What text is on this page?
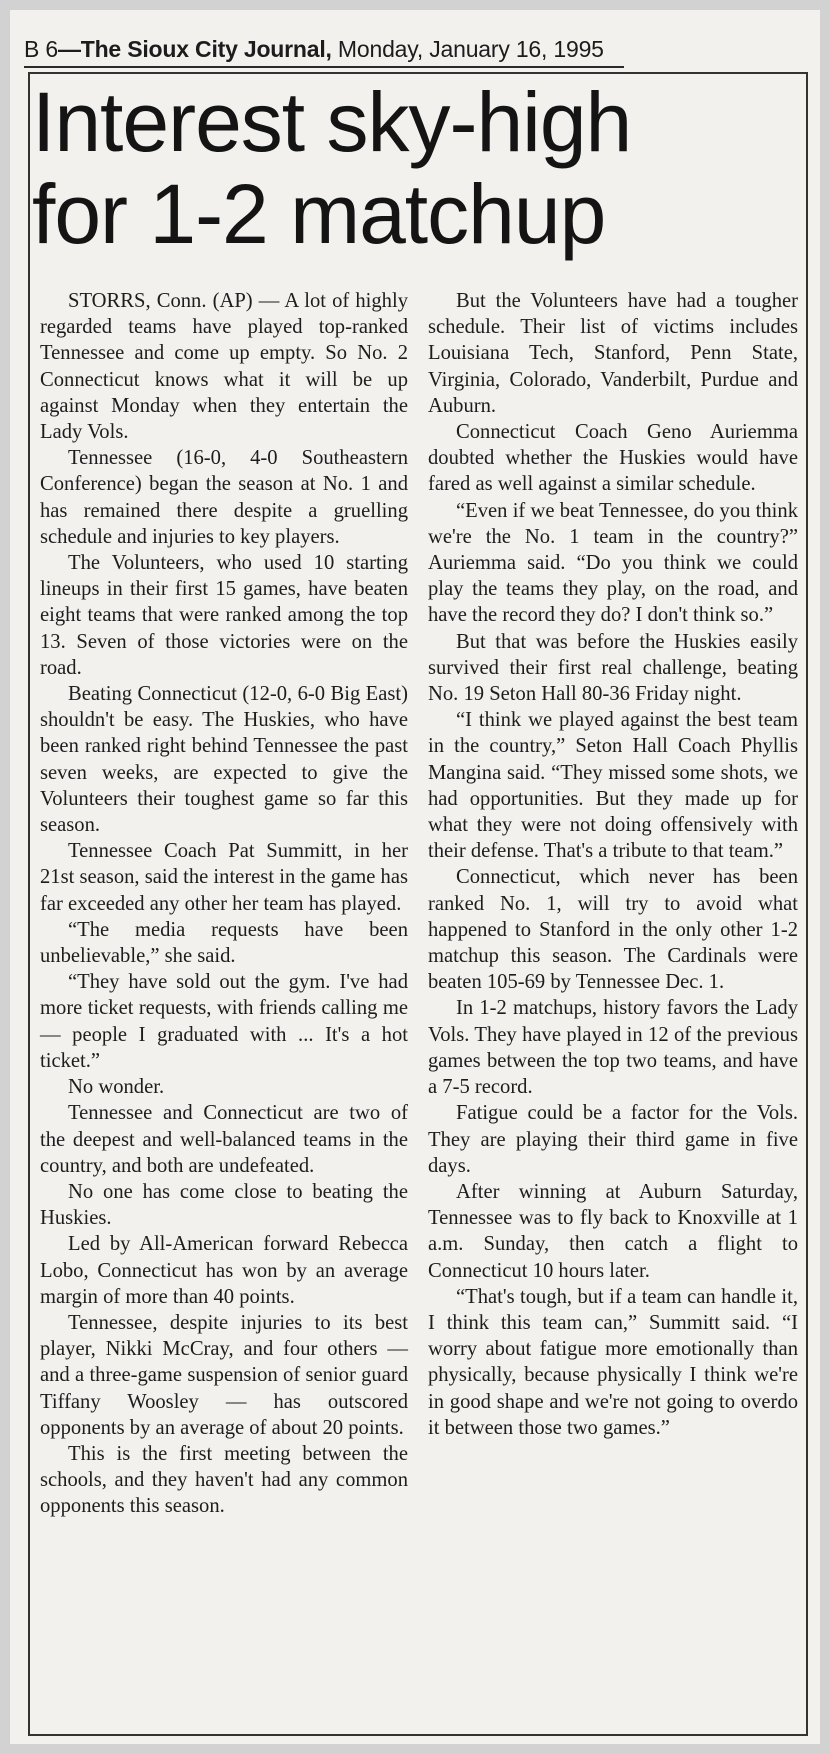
B 6—The Sioux City Journal, Monday, January 16, 1995
Interest sky-high
for 1-2 matchup

STORRS, Conn. (AP) — A lot of highly regarded teams have played top-ranked Tennessee and come up empty. So No. 2 Connecticut knows what it will be up against Monday when they entertain the Lady Vols.

Tennessee (16-0, 4-0 Southeastern Conference) began the season at No. 1 and has remained there despite a gruelling schedule and injuries to key players.

The Volunteers, who used 10 starting lineups in their first 15 games, have beaten eight teams that were ranked among the top 13. Seven of those victories were on the road.

Beating Connecticut (12-0, 6-0 Big East) shouldn't be easy. The Huskies, who have been ranked right behind Tennessee the past seven weeks, are expected to give the Volunteers their toughest game so far this season.

Tennessee Coach Pat Summitt, in her 21st season, said the interest in the game has far exceeded any other her team has played.

“The media requests have been unbelievable,” she said.

“They have sold out the gym. I've had more ticket requests, with friends calling me — people I graduated with ... It's a hot ticket.”

No wonder.

Tennessee and Connecticut are two of the deepest and well-balanced teams in the country, and both are undefeated.

No one has come close to beating the Huskies.

Led by All-American forward Rebecca Lobo, Connecticut has won by an average margin of more than 40 points.

Tennessee, despite injuries to its best player, Nikki McCray, and four others — and a three-game suspension of senior guard Tiffany Woosley — has outscored opponents by an average of about 20 points.

This is the first meeting between the schools, and they haven't had any common opponents this season.

But the Volunteers have had a tougher schedule. Their list of victims includes Louisiana Tech, Stanford, Penn State, Virginia, Colorado, Vanderbilt, Purdue and Auburn.

Connecticut Coach Geno Auriemma doubted whether the Huskies would have fared as well against a similar schedule.

“Even if we beat Tennessee, do you think we're the No. 1 team in the country?” Auriemma said. “Do you think we could play the teams they play, on the road, and have the record they do? I don't think so.”

But that was before the Huskies easily survived their first real challenge, beating No. 19 Seton Hall 80-36 Friday night.

“I think we played against the best team in the country,” Seton Hall Coach Phyllis Mangina said. “They missed some shots, we had opportunities. But they made up for what they were not doing offensively with their defense. That's a tribute to that team.”

Connecticut, which never has been ranked No. 1, will try to avoid what happened to Stanford in the only other 1-2 matchup this season. The Cardinals were beaten 105-69 by Tennessee Dec. 1.

In 1-2 matchups, history favors the Lady Vols. They have played in 12 of the previous games between the top two teams, and have a 7-5 record.

Fatigue could be a factor for the Vols. They are playing their third game in five days.

After winning at Auburn Saturday, Tennessee was to fly back to Knoxville at 1 a.m. Sunday, then catch a flight to Connecticut 10 hours later.

“That's tough, but if a team can handle it, I think this team can,” Summitt said. “I worry about fatigue more emotionally than physically, because physically I think we're in good shape and we're not going to overdo it between those two games.”
